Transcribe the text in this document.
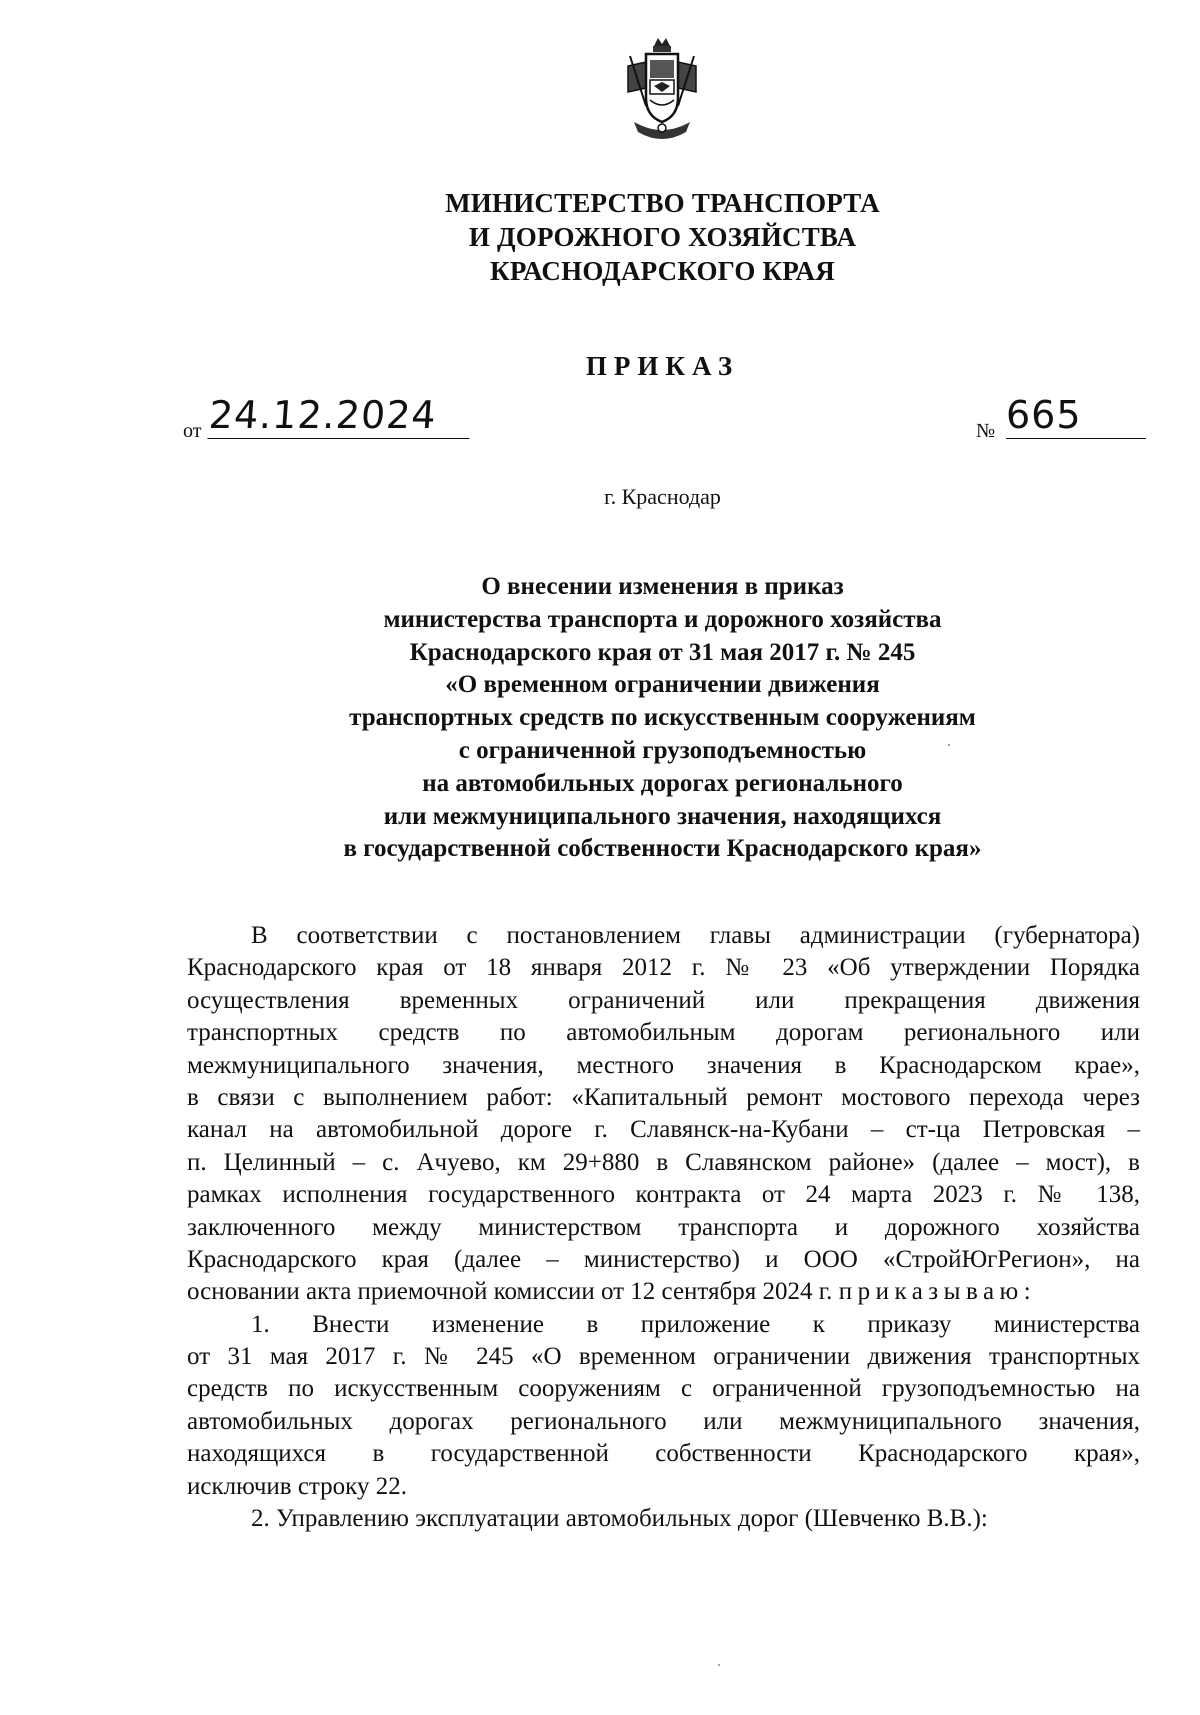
МИНИСТЕРСТВО ТРАНСПОРТА
И ДОРОЖНОГО ХОЗЯЙСТВА
КРАСНОДАРСКОГО КРАЯ
ПРИКАЗ
от 24.12.2024	№ 665
г. Краснодар
О внесении изменения в приказ
министерства транспорта и дорожного хозяйства
Краснодарского края от 31 мая 2017 г. № 245
«О временном ограничении движения
транспортных средств по искусственным сооружениям
с ограниченной грузоподъемностью
на автомобильных дорогах регионального
или межмуниципального значения, находящихся
в государственной собственности Краснодарского края»
В соответствии с постановлением главы администрации (губернатора)
Краснодарского края от 18 января 2012 г. № 23 «Об утверждении Порядка
осуществления временных ограничений или прекращения движения
транспортных средств по автомобильным дорогам регионального или
межмуниципального значения, местного значения в Краснодарском крае»,
в связи с выполнением работ: «Капитальный ремонт мостового перехода через
канал на автомобильной дороге г. Славянск-на-Кубани – ст-ца Петровская –
п. Целинный – с. Ачуево, км 29+880 в Славянском районе» (далее – мост), в
рамках исполнения государственного контракта от 24 марта 2023 г. № 138,
заключенного между министерством транспорта и дорожного хозяйства
Краснодарского края (далее – министерство) и ООО «СтройЮгРегион», на
основании акта приемочной комиссии от 12 сентября 2024 г. приказываю:
1. Внести изменение в приложение к приказу министерства
от 31 мая 2017 г. № 245 «О временном ограничении движения транспортных
средств по искусственным сооружениям с ограниченной грузоподъемностью на
автомобильных дорогах регионального или межмуниципального значения,
находящихся в государственной собственности Краснодарского края»,
исключив строку 22.
2. Управлению эксплуатации автомобильных дорог (Шевченко В.В.):
